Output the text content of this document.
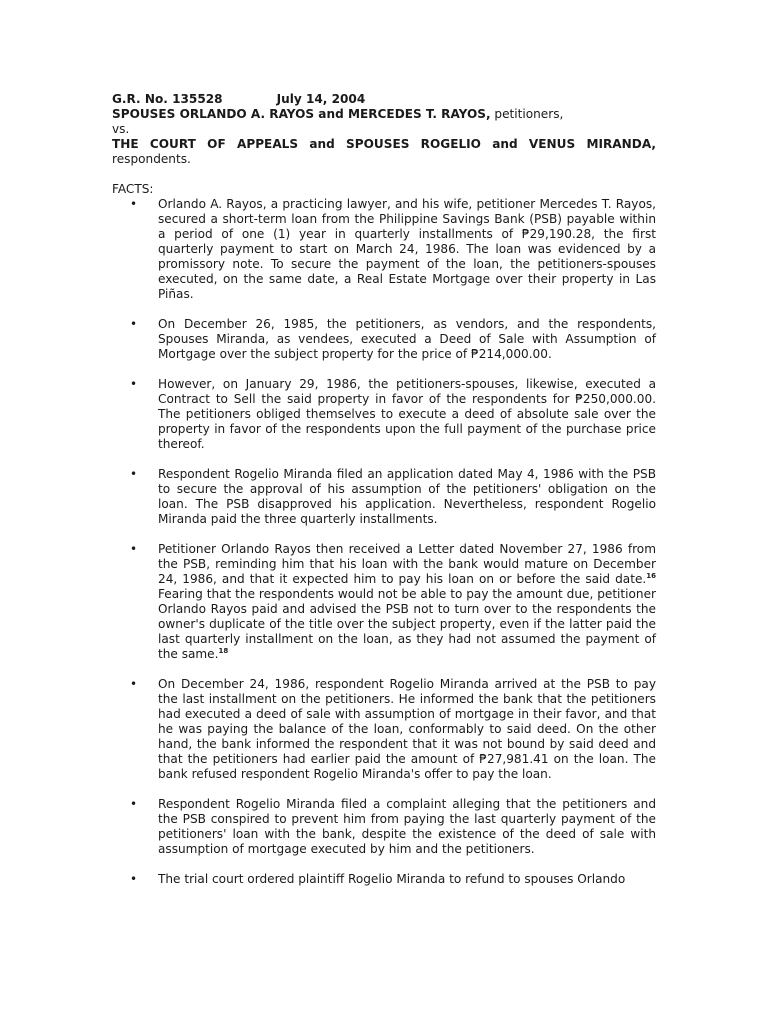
G.R. No. 135528	July 14, 2004
SPOUSES ORLANDO A. RAYOS and MERCEDES T. RAYOS, petitioners,
vs.
THE COURT OF APPEALS and SPOUSES ROGELIO and VENUS MIRANDA,
respondents.
FACTS:
• Orlando A. Rayos, a practicing lawyer, and his wife, petitioner Mercedes T. Rayos, secured a short-term loan from the Philippine Savings Bank (PSB) payable within a period of one (1) year in quarterly installments of ₱29,190.28, the first quarterly payment to start on March 24, 1986. The loan was evidenced by a promissory note. To secure the payment of the loan, the petitioners-spouses executed, on the same date, a Real Estate Mortgage over their property in Las Piñas.
• On December 26, 1985, the petitioners, as vendors, and the respondents, Spouses Miranda, as vendees, executed a Deed of Sale with Assumption of Mortgage over the subject property for the price of ₱214,000.00.
• However, on January 29, 1986, the petitioners-spouses, likewise, executed a Contract to Sell the said property in favor of the respondents for ₱250,000.00. The petitioners obliged themselves to execute a deed of absolute sale over the property in favor of the respondents upon the full payment of the purchase price thereof.
• Respondent Rogelio Miranda filed an application dated May 4, 1986 with the PSB to secure the approval of his assumption of the petitioners' obligation on the loan. The PSB disapproved his application. Nevertheless, respondent Rogelio Miranda paid the three quarterly installments.
• Petitioner Orlando Rayos then received a Letter dated November 27, 1986 from the PSB, reminding him that his loan with the bank would mature on December 24, 1986, and that it expected him to pay his loan on or before the said date.$^{16}$ Fearing that the respondents would not be able to pay the amount due, petitioner Orlando Rayos paid and advised the PSB not to turn over to the respondents the owner's duplicate of the title over the subject property, even if the latter paid the last quarterly installment on the loan, as they had not assumed the payment of the same.$^{18}$
• On December 24, 1986, respondent Rogelio Miranda arrived at the PSB to pay the last installment on the petitioners. He informed the bank that the petitioners had executed a deed of sale with assumption of mortgage in their favor, and that he was paying the balance of the loan, conformably to said deed. On the other hand, the bank informed the respondent that it was not bound by said deed and that the petitioners had earlier paid the amount of ₱27,981.41 on the loan. The bank refused respondent Rogelio Miranda's offer to pay the loan.
• Respondent Rogelio Miranda filed a complaint alleging that the petitioners and the PSB conspired to prevent him from paying the last quarterly payment of the petitioners' loan with the bank, despite the existence of the deed of sale with assumption of mortgage executed by him and the petitioners.
• The trial court ordered plaintiff Rogelio Miranda to refund to spouses Orlando
